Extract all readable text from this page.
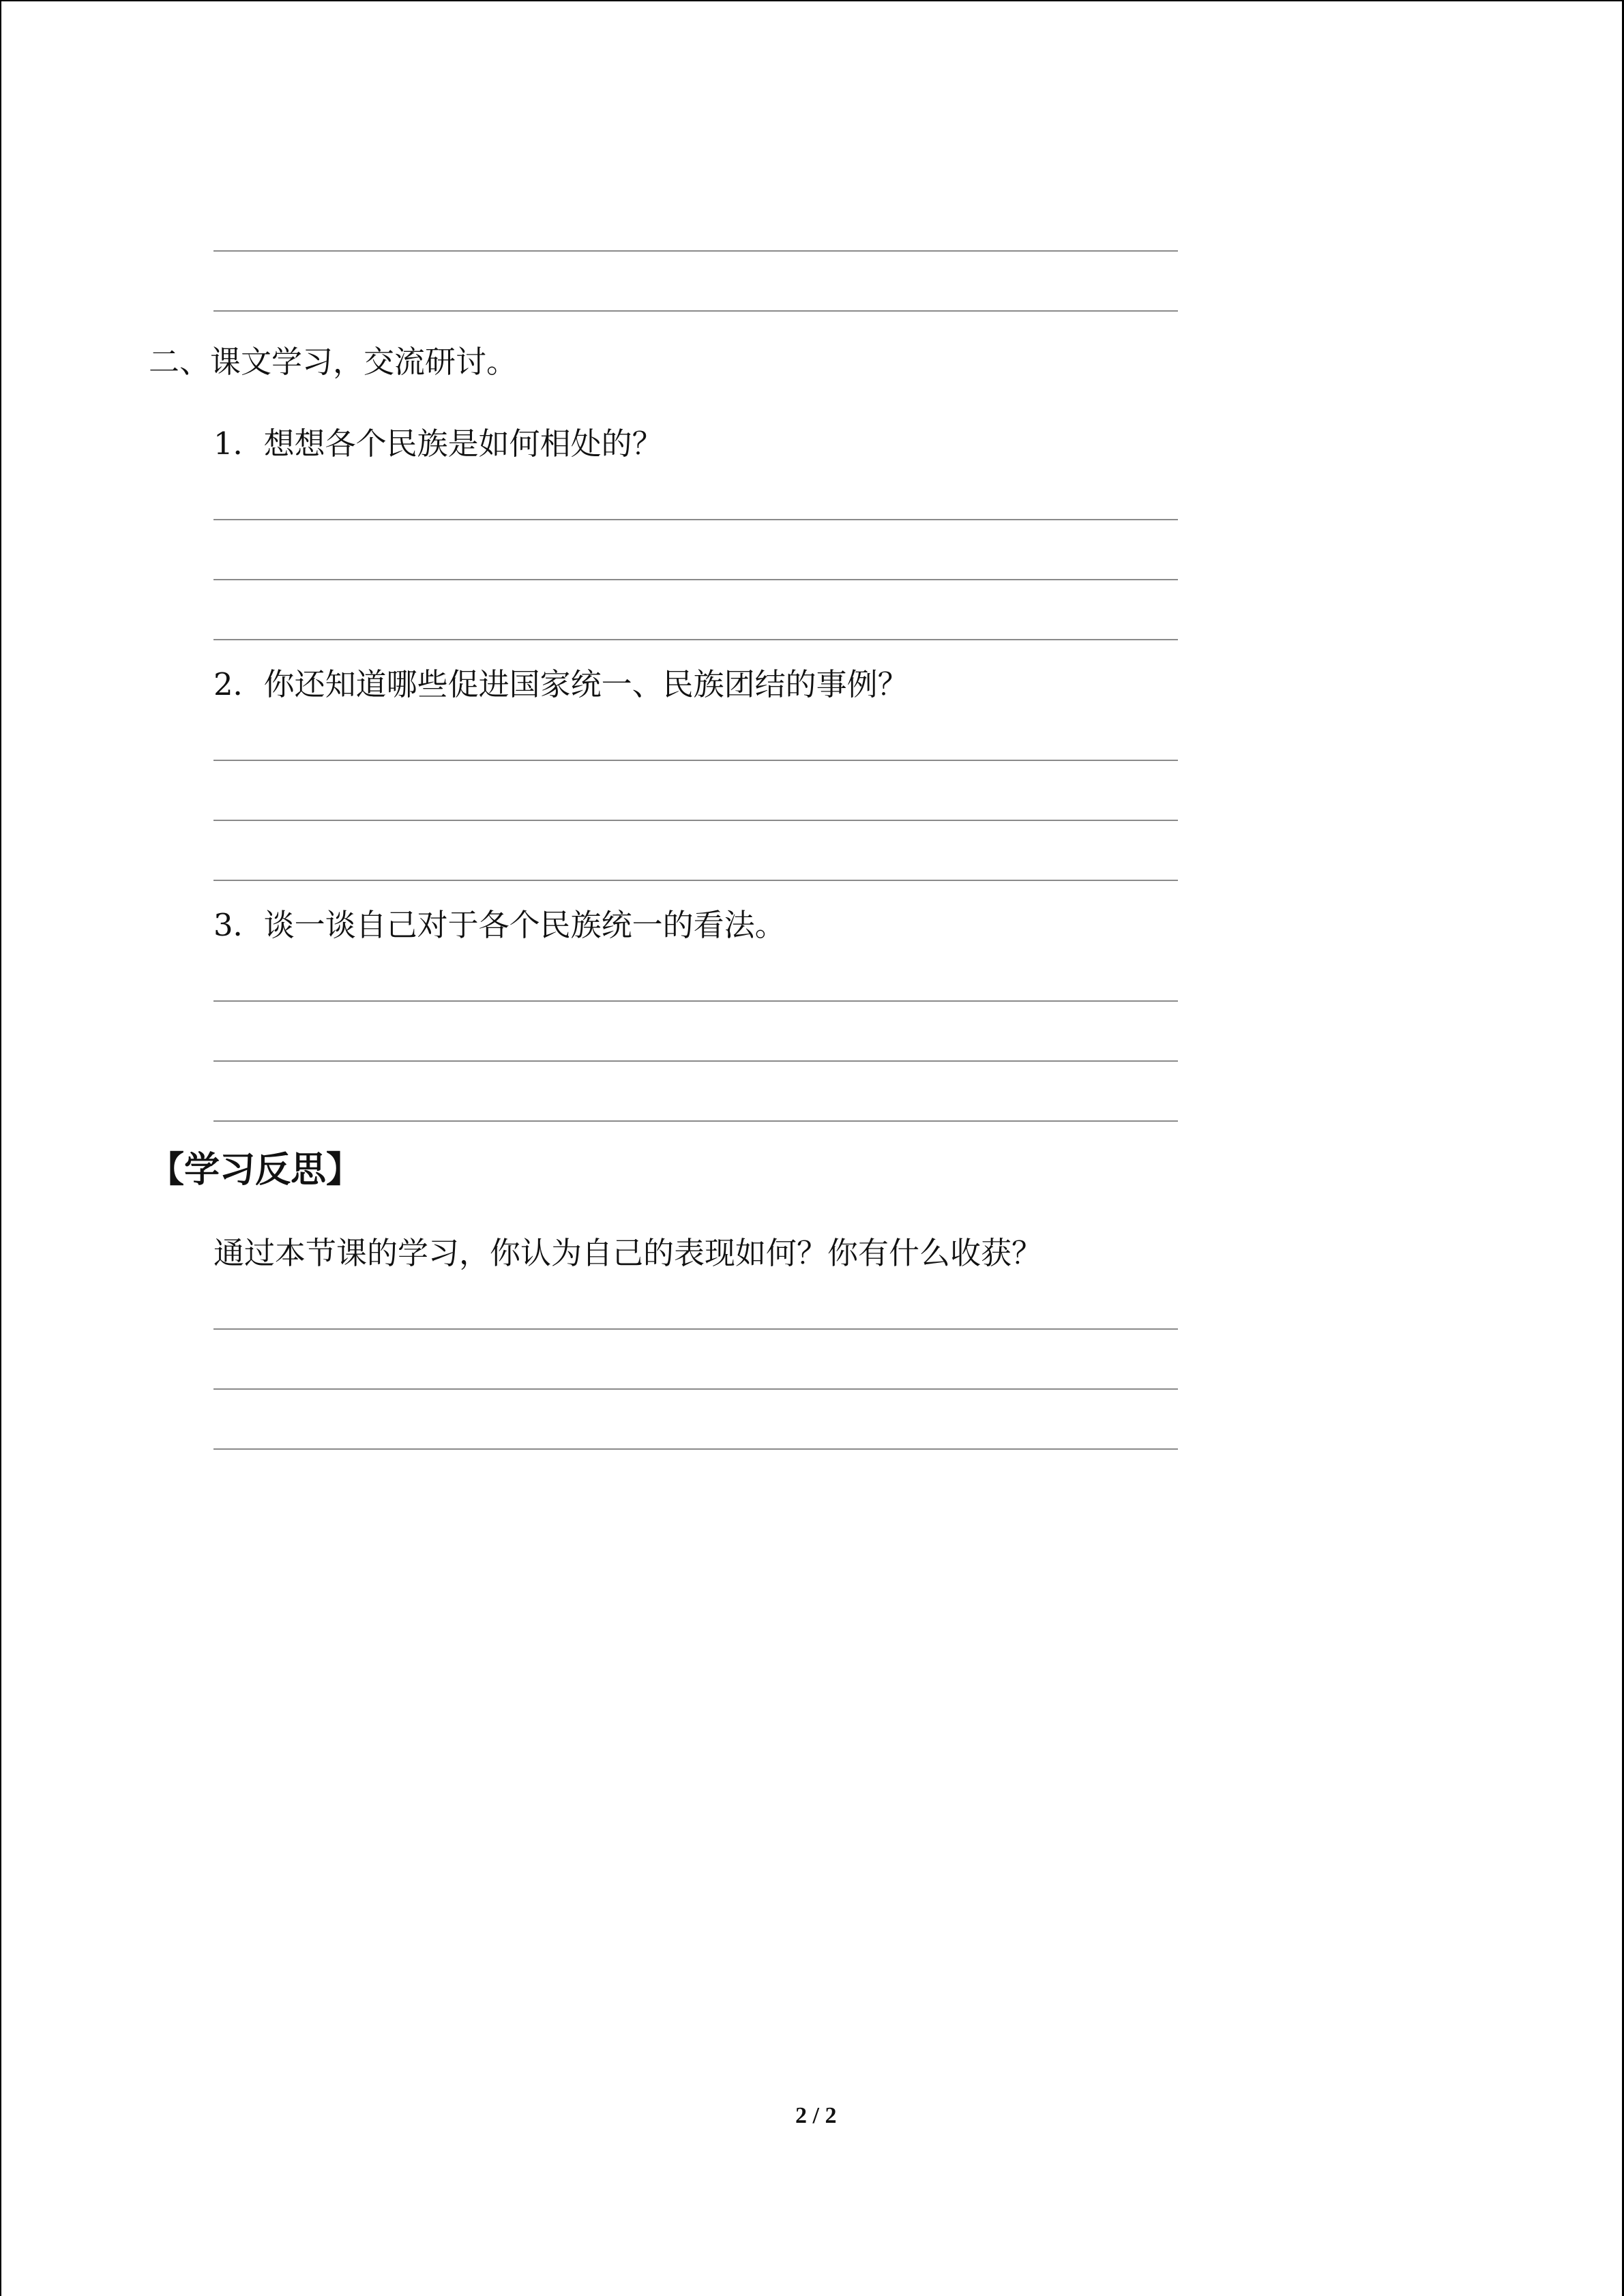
二、课文学习，交流研讨。
1．想想各个民族是如何相处的？
2．你还知道哪些促进国家统一、民族团结的事例？
3．谈一谈自己对于各个民族统一的看法。
【学习反思】
通过本节课的学习，你认为自己的表现如何？你有什么收获？
2 / 2
